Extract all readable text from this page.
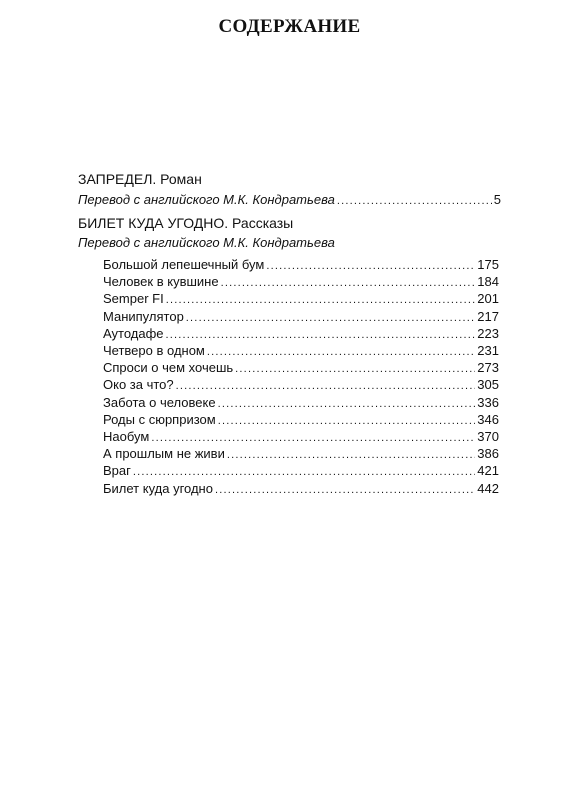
СОДЕРЖАНИЕ
ЗАПРЕДЕЛ. Роман
Перевод с английского М.К. Кондратьева .....	5
БИЛЕТ КУДА УГОДНО. Рассказы
Перевод с английского М.К. Кондратьева
Большой лепешечный бум .....	175
Человек в кувшине .....	184
Semper FI .....	201
Манипулятор .....	217
Аутодафе .....	223
Четверо в одном .....	231
Спроси о чем хочешь .....	273
Око за что? .....	305
Забота о человеке .....	336
Роды с сюрпризом .....	346
Наобум .....	370
А прошлым не живи .....	386
Враг .....	421
Билет куда угодно .....	442
